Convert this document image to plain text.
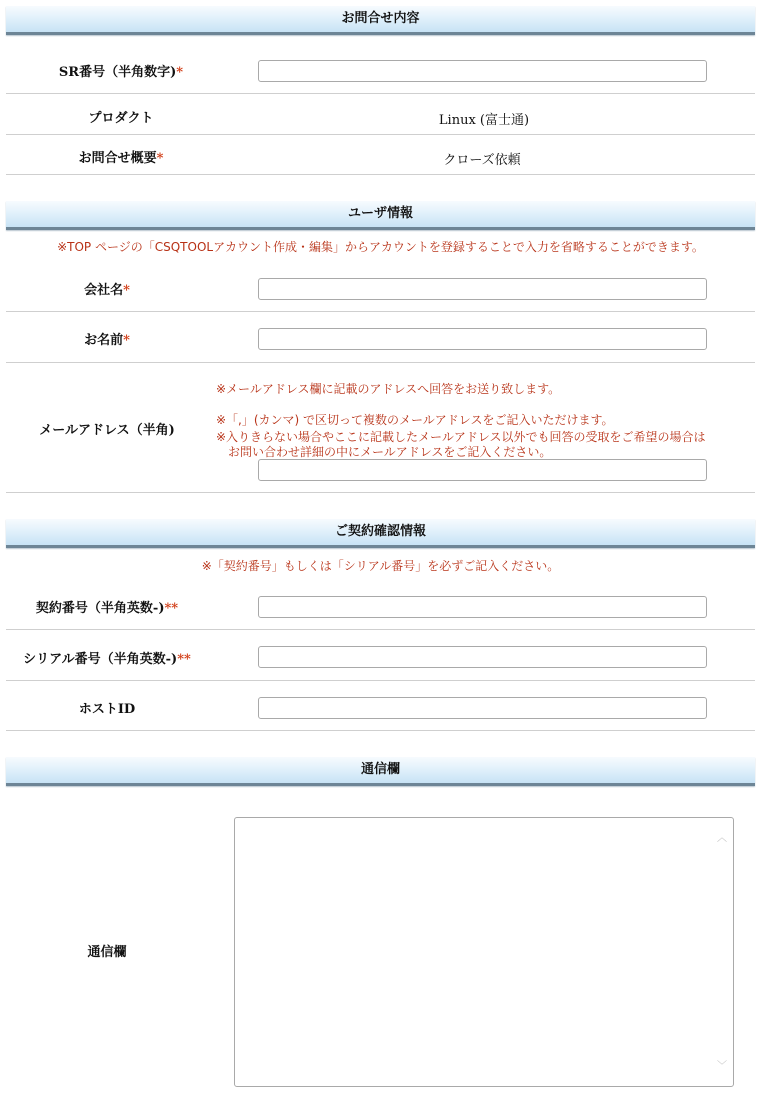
お問合せ内容
SR番号（半角数字)*
プロダクト	Linux (富士通)
お問合せ概要*	クローズ依頼
ユーザ情報
※TOP ページの「CSQTOOLアカウント作成・編集」からアカウントを登録することで入力を省略することができます。
会社名*
お名前*
メールアドレス（半角)
※メールアドレス欄に記載のアドレスへ回答をお送り致します。
※「,」(カンマ) で区切って複数のメールアドレスをご記入いただけます。
※入りきらない場合やここに記載したメールアドレス以外でも回答の受取をご希望の場合は
　お問い合わせ詳細の中にメールアドレスをご記入ください。
ご契約確認情報
※「契約番号」もしくは「シリアル番号」を必ずご記入ください。
契約番号（半角英数-)**
シリアル番号（半角英数-)**
ホストID
通信欄
通信欄
︿
﹀
